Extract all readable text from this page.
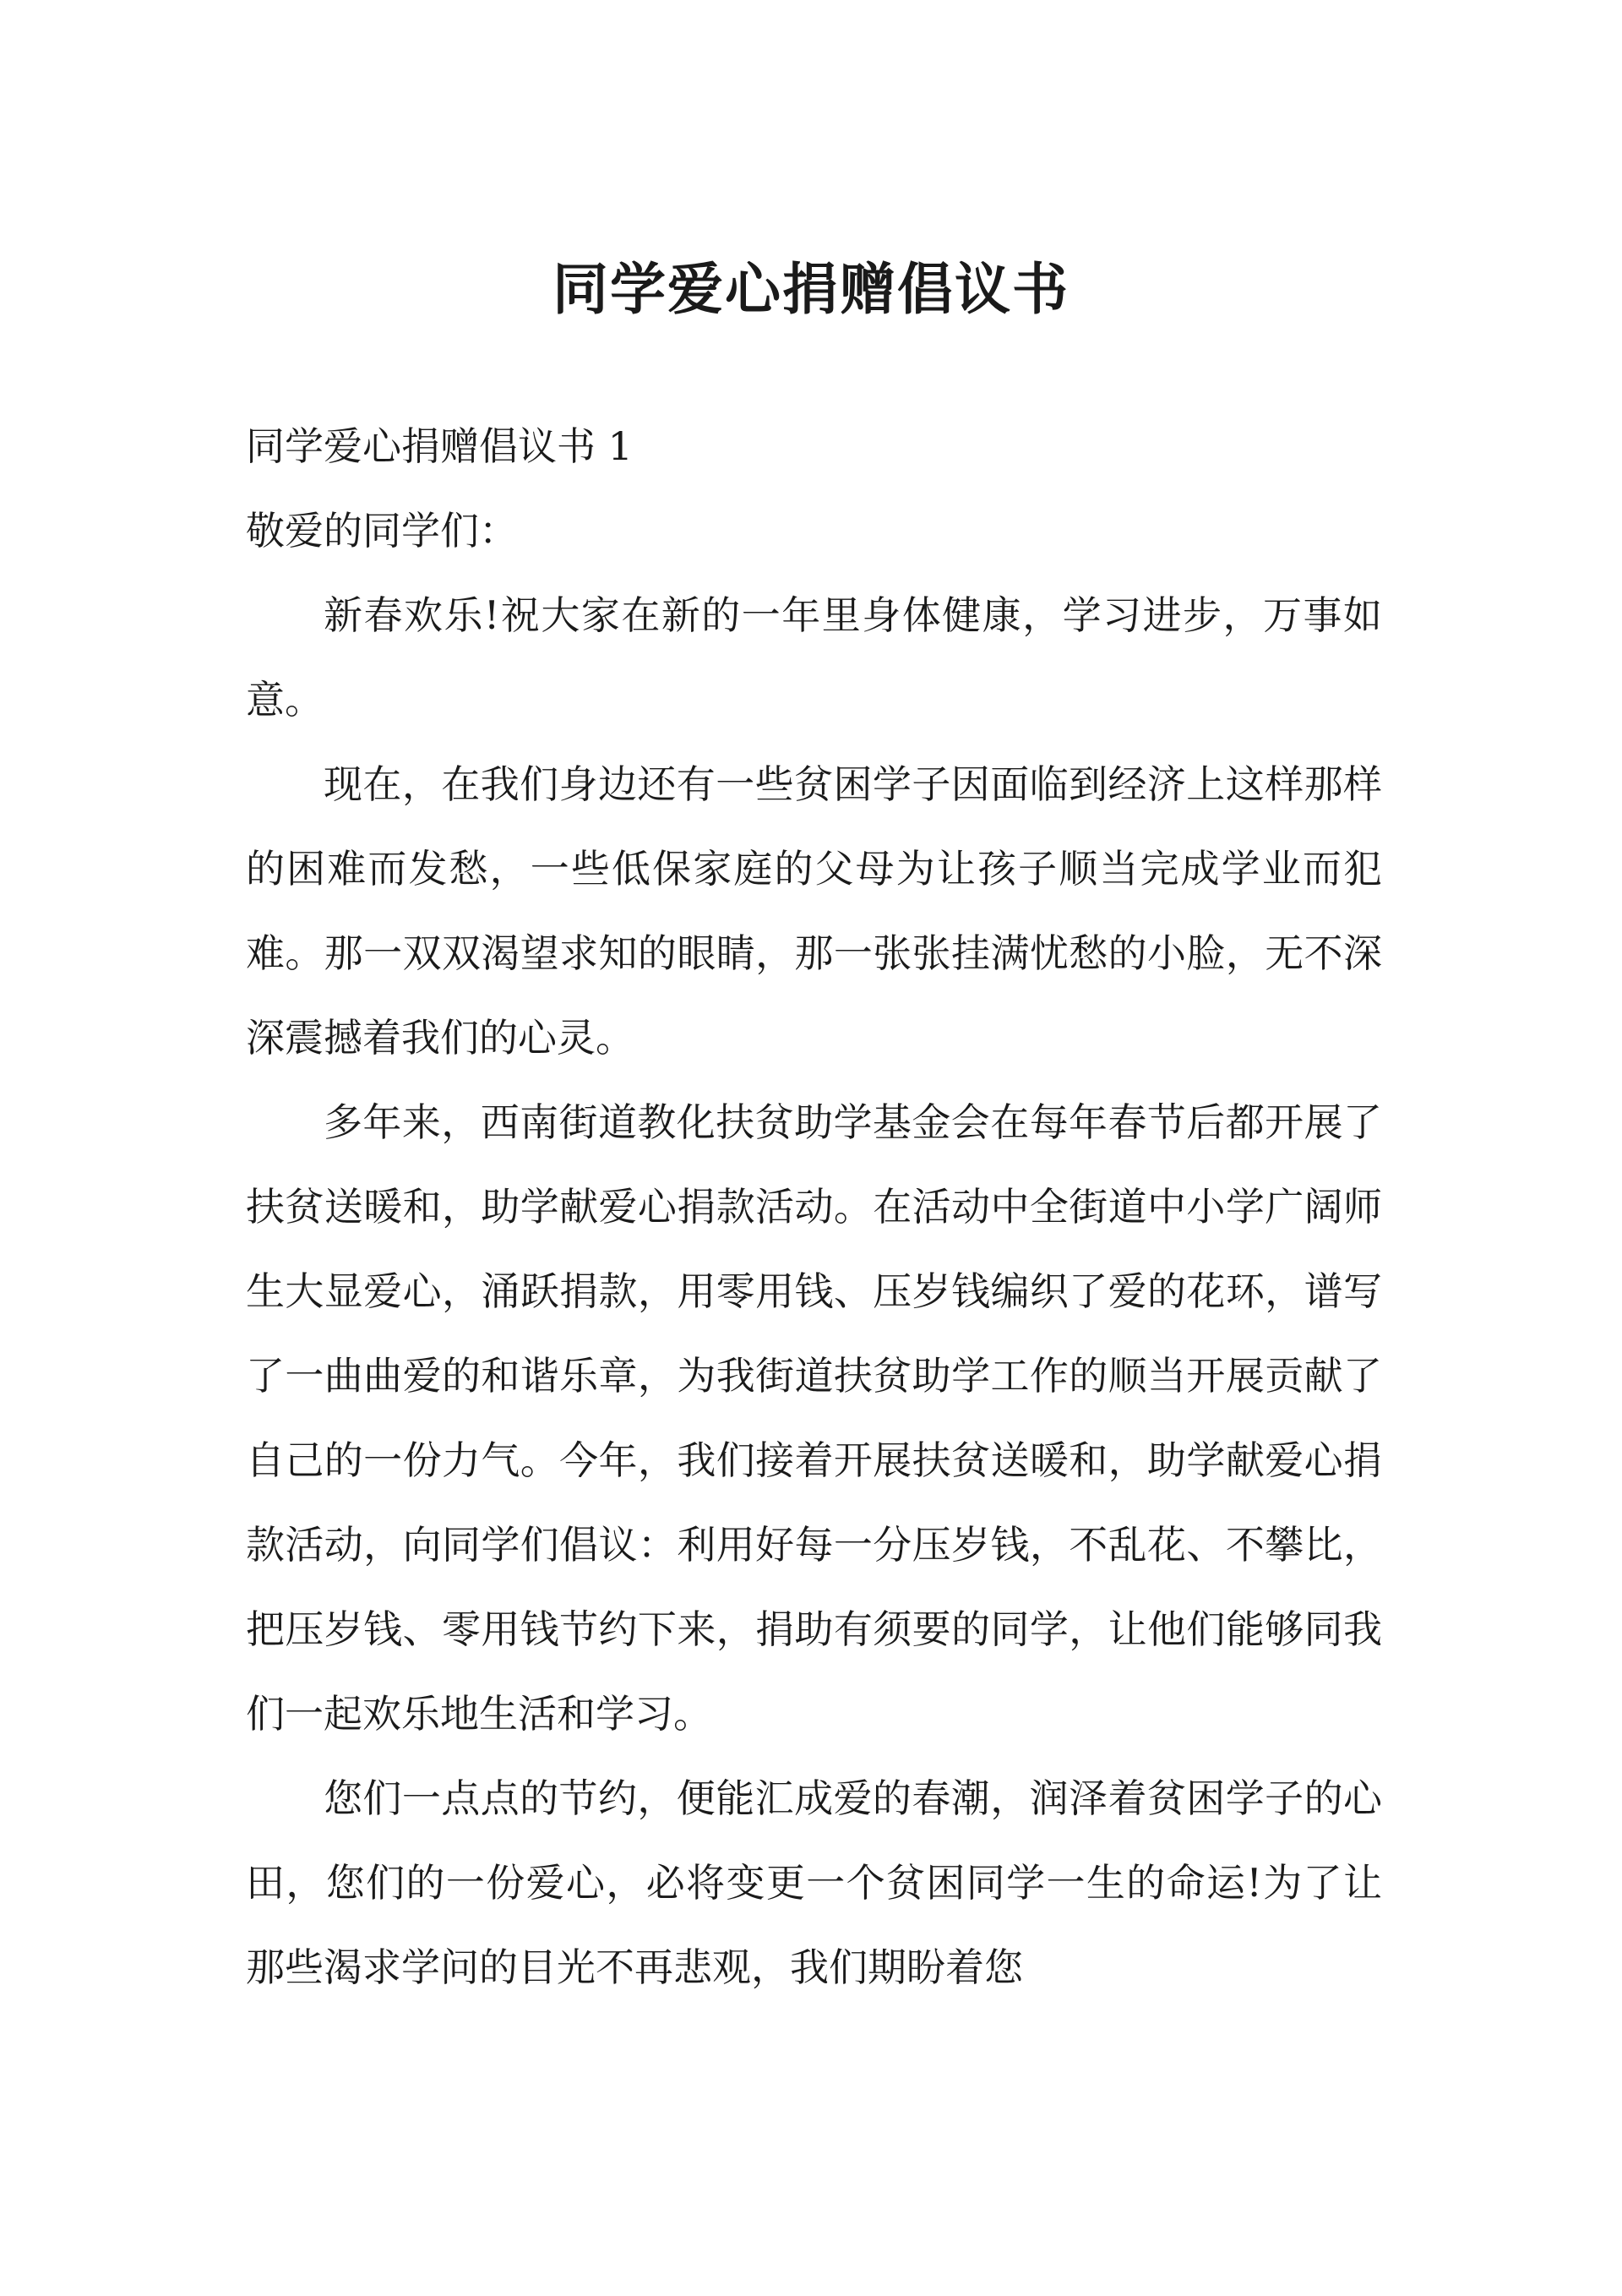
同学爱心捐赠倡议书

同学爱心捐赠倡议书 1

敬爱的同学们：

新春欢乐!祝大家在新的一年里身体健康，学习进步，万事如意。

现在，在我们身边还有一些贫困学子因面临到经济上这样那样的困难而发愁，一些低保家庭的父母为让孩子顺当完成学业而犯难。那一双双渴望求知的眼睛，那一张张挂满忧愁的小脸，无不深深震撼着我们的心灵。

多年来，西南街道教化扶贫助学基金会在每年春节后都开展了扶贫送暖和，助学献爱心捐款活动。在活动中全街道中小学广阔师生大显爱心，涌跃捐款，用零用钱、压岁钱编织了爱的花环，谱写了一曲曲爱的和谐乐章，为我街道扶贫助学工作的顺当开展贡献了自己的一份力气。今年，我们接着开展扶贫送暖和，助学献爱心捐款活动，向同学们倡议：利用好每一分压岁钱，不乱花、不攀比，把压岁钱、零用钱节约下来，捐助有须要的同学，让他们能够同我们一起欢乐地生活和学习。

您们一点点的节约，便能汇成爱的春潮，润泽着贫困学子的心田，您们的一份爱心，必将变更一个贫困同学一生的命运!为了让那些渴求学问的目光不再悲观，我们期盼着您
